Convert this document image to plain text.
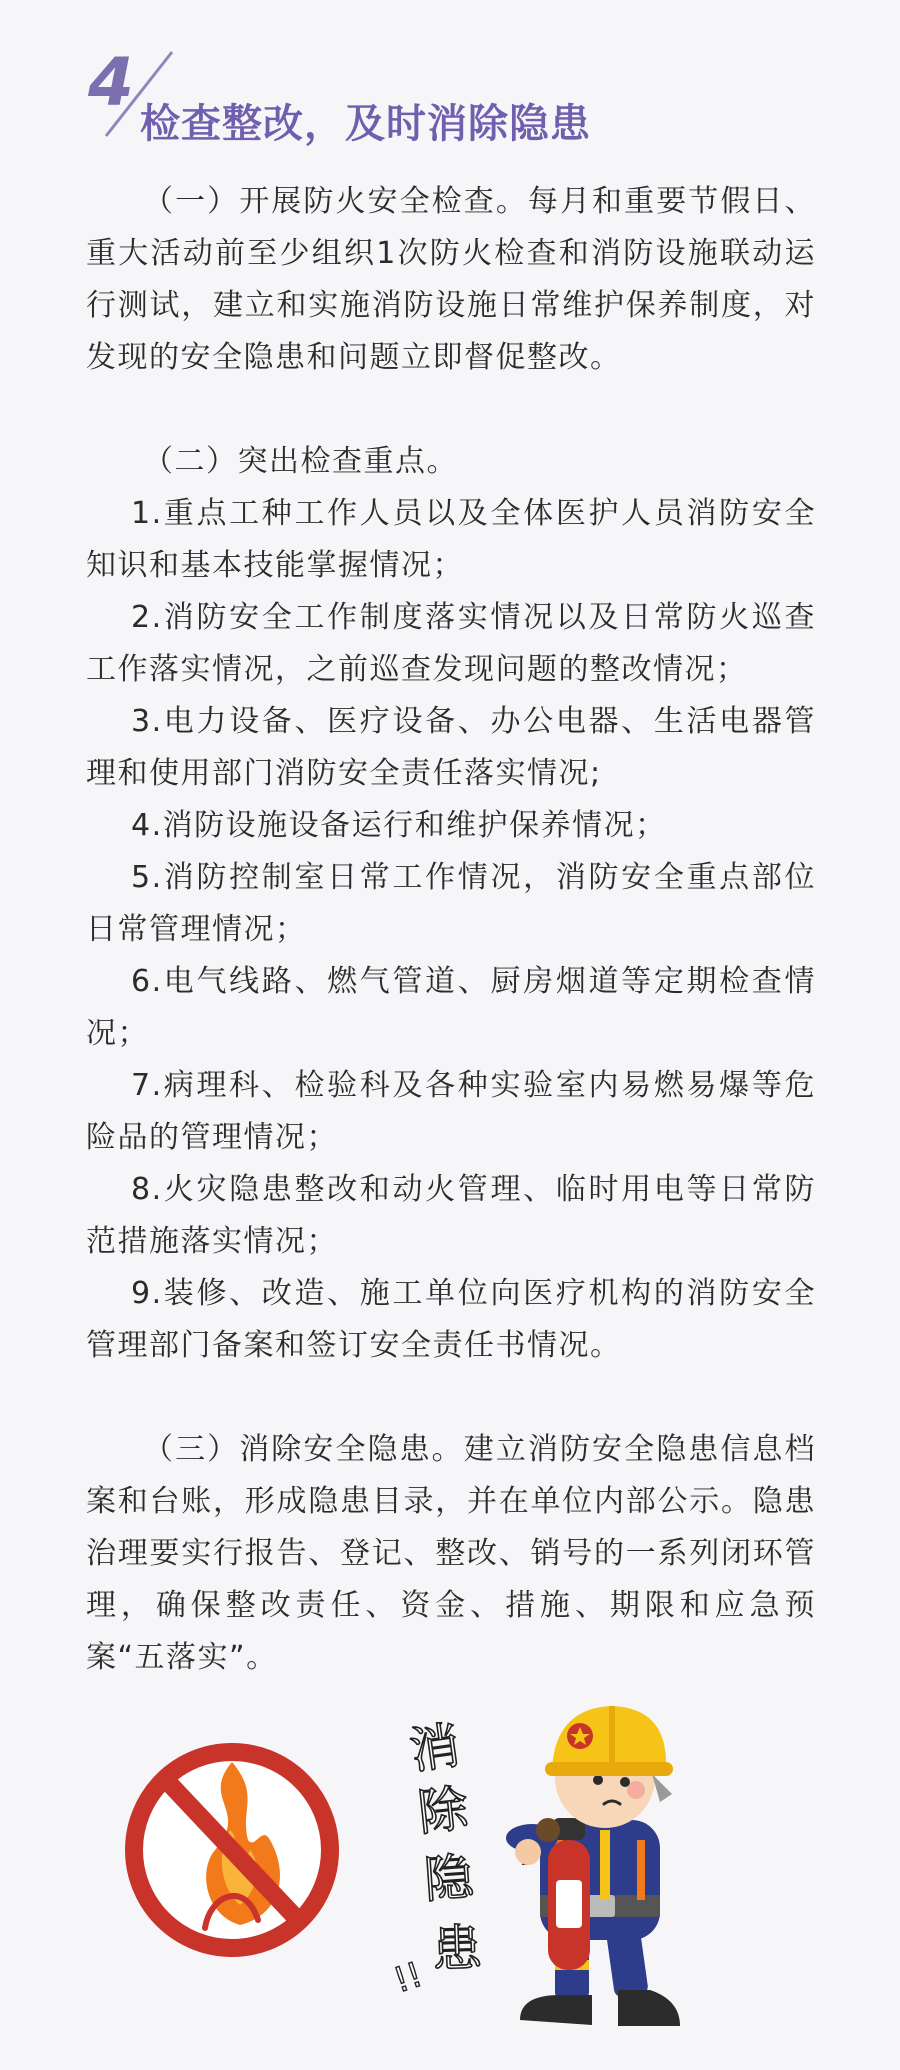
4
检查整改，及时消除隐患

（一）开展防火安全检查。每月和重要节假日、重大活动前至少组织1次防火检查和消防设施联动运行测试，建立和实施消防设施日常维护保养制度，对发现的安全隐患和问题立即督促整改。

（二）突出检查重点。

1.重点工种工作人员以及全体医护人员消防安全知识和基本技能掌握情况；

2.消防安全工作制度落实情况以及日常防火巡查工作落实情况，之前巡查发现问题的整改情况；

3.电力设备、医疗设备、办公电器、生活电器管理和使用部门消防安全责任落实情况;

4.消防设施设备运行和维护保养情况；

5.消防控制室日常工作情况，消防安全重点部位日常管理情况；

6.电气线路、燃气管道、厨房烟道等定期检查情况；

7.病理科、检验科及各种实验室内易燃易爆等危险品的管理情况；

8.火灾隐患整改和动火管理、临时用电等日常防范措施落实情况；

9.装修、改造、施工单位向医疗机构的消防安全管理部门备案和签订安全责任书情况。

（三）消除安全隐患。建立消防安全隐患信息档案和台账，形成隐患目录，并在单位内部公示。隐患治理要实行报告、登记、整改、销号的一系列闭环管理，确保整改责任、资金、措施、期限和应急预案“五落实”。

消
除
隐
患
!!
